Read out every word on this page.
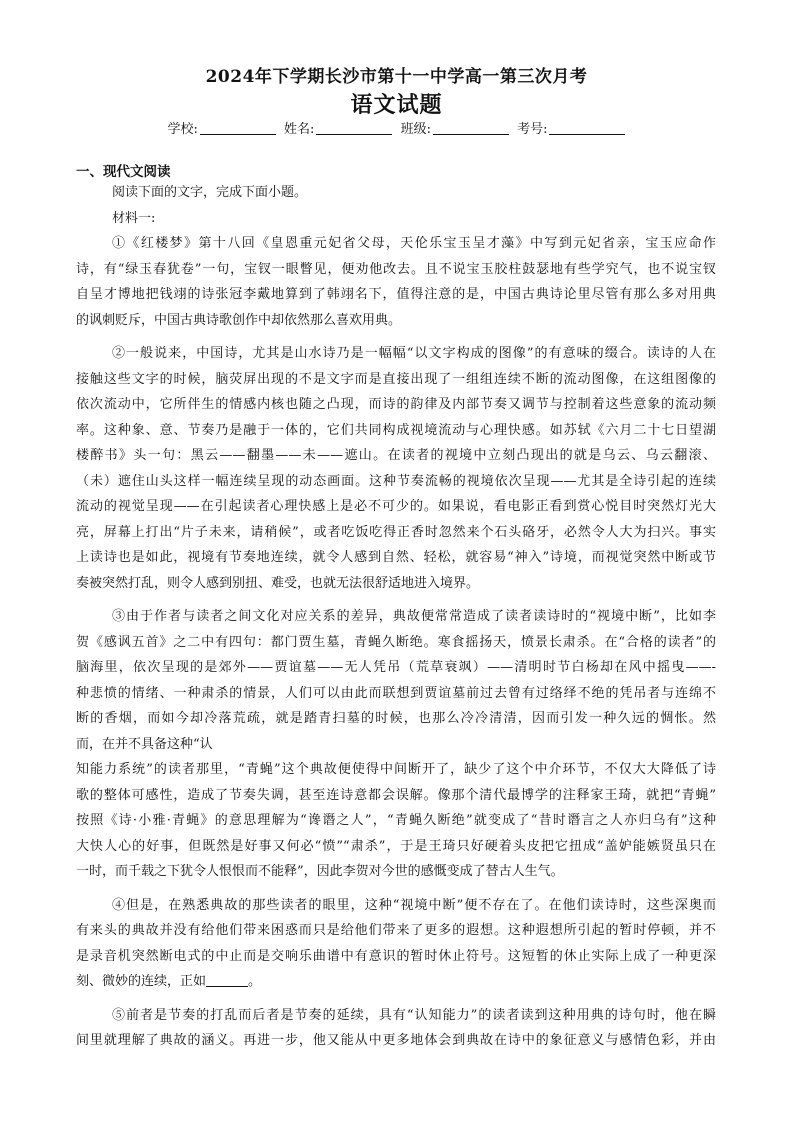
2024年下学期长沙市第十一中学高一第三次月考
语文试题
学校:	姓名:	班级:	考号:
一、现代文阅读
阅读下面的文字，完成下面小题。
材料一:
①《红楼梦》第十八回《皇恩重元妃省父母，天伦乐宝玉呈才藻》中写到元妃省亲，宝玉应命作
诗，有“绿玉春犹卷”一句，宝钗一眼瞥见，便劝他改去。且不说宝玉胶柱鼓瑟地有些学究气，也不说宝钗
自呈才博地把钱翊的诗张冠李戴地算到了韩翊名下，值得注意的是，中国古典诗论里尽管有那么多对用典
的讽刺贬斥，中国古典诗歌创作中却依然那么喜欢用典。
②一般说来，中国诗，尤其是山水诗乃是一幅幅“以文字构成的图像”的有意味的缀合。读诗的人在
接触这些文字的时候，脑荧屏出现的不是文字而是直接出现了一组组连续不断的流动图像，在这组图像的
依次流动中，它所伴生的情感内核也随之凸现，而诗的韵律及内部节奏又调节与控制着这些意象的流动频
率。这种象、意、节奏乃是融于一体的，它们共同构成视境流动与心理快感。如苏轼《六月二十七日望湖
楼醉书》头一句：黑云——翻墨——未——遮山。在读者的视境中立刻凸现出的就是乌云、乌云翻滚、
（未）遮住山头这样一幅连续呈现的动态画面。这种节奏流畅的视境依次呈现——尤其是全诗引起的连续
流动的视觉呈现——在引起读者心理快感上是必不可少的。如果说，看电影正看到赏心悦目时突然灯光大
亮，屏幕上打出“片子未来，请稍候”，或者吃饭吃得正香时忽然来个石头硌牙，必然令人大为扫兴。事实
上读诗也是如此，视境有节奏地连续，就令人感到自然、轻松，就容易“神入”诗境，而视觉突然中断或节
奏被突然打乱，则令人感到别扭、难受，也就无法很舒适地进入境界。
③由于作者与读者之间文化对应关系的差异，典故便常常造成了读者读诗时的“视境中断”，比如李
贺《感讽五首》之二中有四句：都门贾生墓，青蝇久断绝。寒食摇扬天，愤景长肃杀。在“合格的读者”的
脑海里，依次呈现的是郊外——贾谊墓——无人凭吊（荒草衰飒）——清明时节白杨却在风中摇曳——-
种悲愤的情绪、一种肃杀的情景，人们可以由此而联想到贾谊墓前过去曾有过络绎不绝的凭吊者与连绵不
断的香烟，而如今却冷落荒疏，就是踏青扫墓的时候，也那么冷冷清清，因而引发一种久远的惆怅。然
而，在并不具备这种“认
知能力系统”的读者那里，“青蝇”这个典故便使得中间断开了，缺少了这个中介环节，不仅大大降低了诗
歌的整体可感性，造成了节奏失调，甚至连诗意都会误解。像那个清代最博学的注释家王琦，就把“青蝇”
按照《诗·小雅·青蝇》的意思理解为“谗谮之人”，“青蝇久断绝”就变成了“昔时谮言之人亦归乌有”这种
大快人心的好事，但既然是好事又何必“愤”“肃杀”，于是王琦只好硬着头皮把它扭成“盖妒能嫉贤虽只在
一时，而千载之下犹令人恨恨而不能释”，因此李贺对今世的感慨变成了替古人生气。
④但是，在熟悉典故的那些读者的眼里，这种“视境中断”便不存在了。在他们读诗时，这些深奥而
有来头的典故并没有给他们带来困惑而只是给他们带来了更多的遐想。这种遐想所引起的暂时停顿，并不
是录音机突然断电式的中止而是交响乐曲谱中有意识的暂时休止符号。这短暂的休止实际上成了一种更深
刻、微妙的连续，正如	。
⑤前者是节奏的打乱而后者是节奏的延续，具有“认知能力”的读者读到这种用典的诗句时，他在瞬
间里就理解了典故的涵义。再进一步，他又能从中更多地体会到典故在诗中的象征意义与感情色彩，并由
